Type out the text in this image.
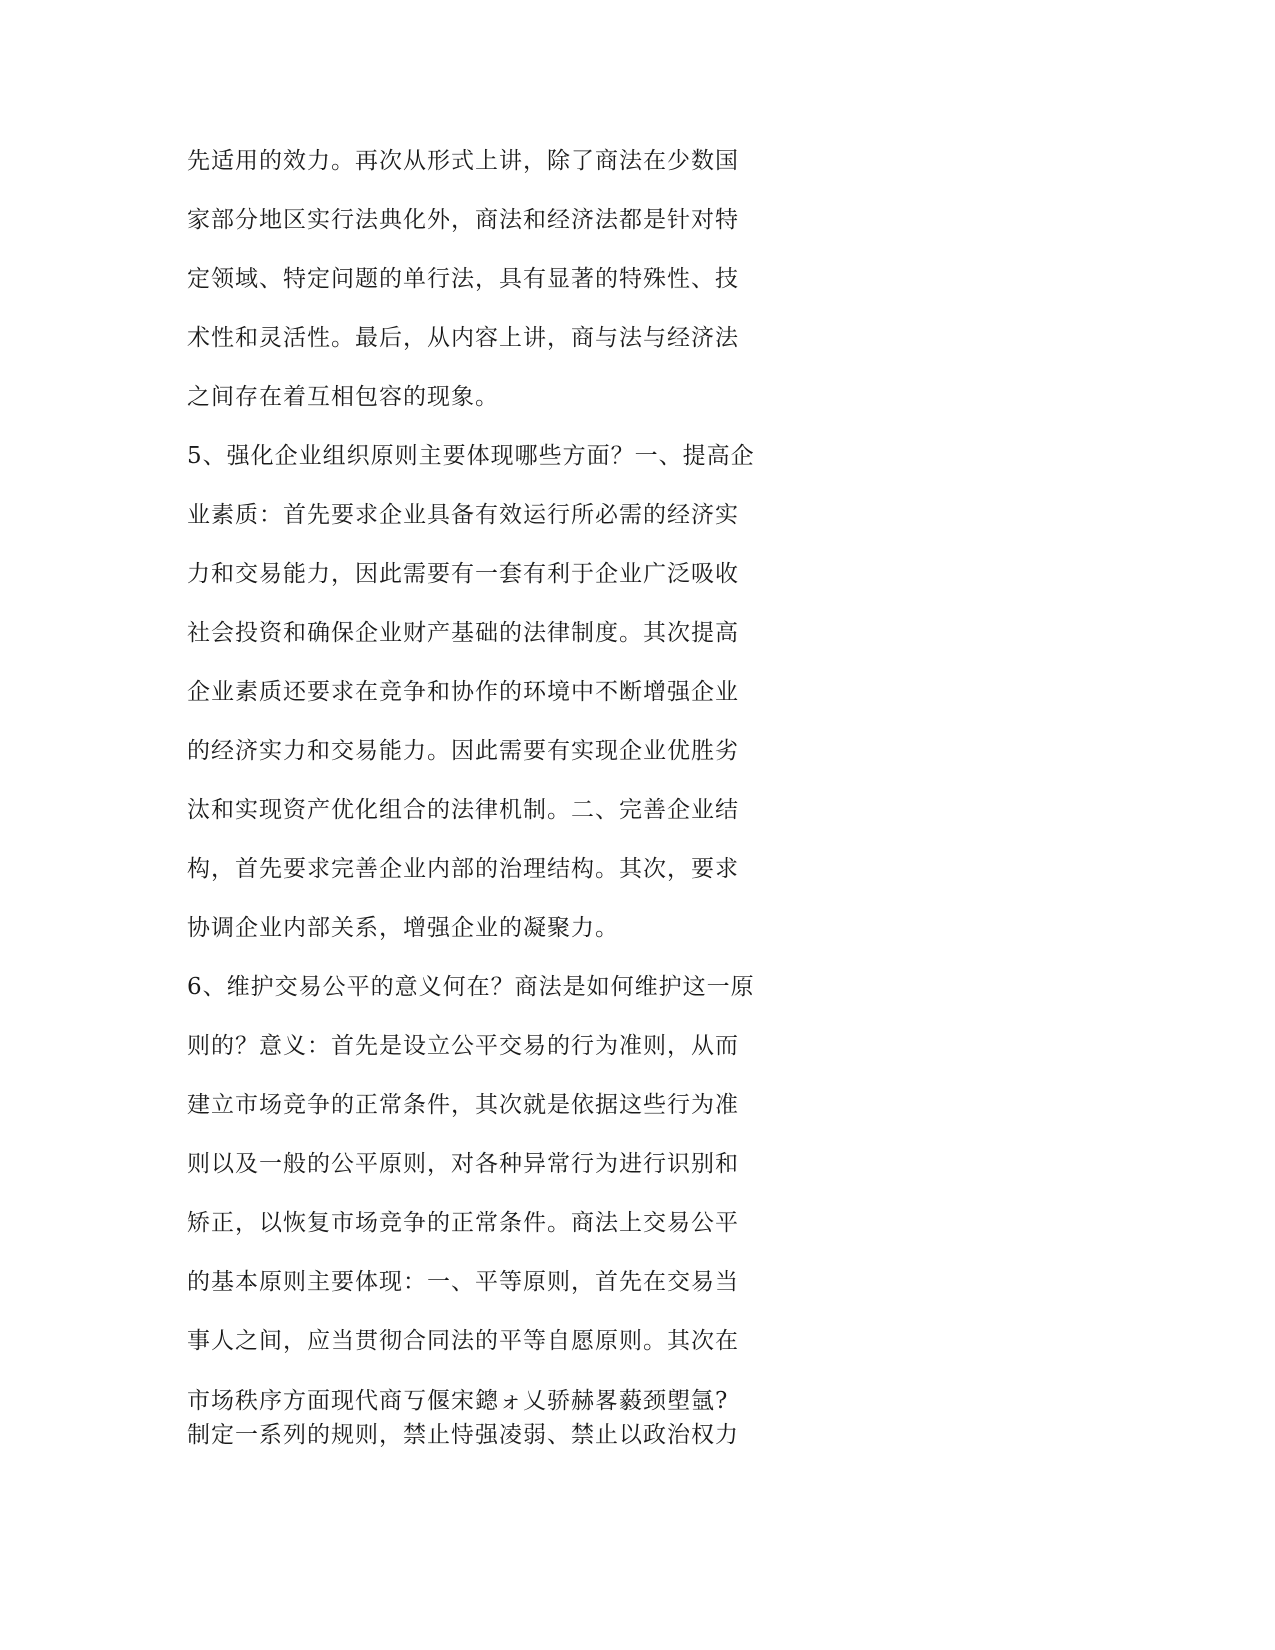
先适用的效力。再次从形式上讲，除了商法在少数国
家部分地区实行法典化外，商法和经济法都是针对特
定领域、特定问题的单行法，具有显著的特殊性、技
术性和灵活性。最后，从内容上讲，商与法与经济法
之间存在着互相包容的现象。
5、强化企业组织原则主要体现哪些方面？一、提高企
业素质：首先要求企业具备有效运行所必需的经济实
力和交易能力，因此需要有一套有利于企业广泛吸收
社会投资和确保企业财产基础的法律制度。其次提高
企业素质还要求在竞争和协作的环境中不断增强企业
的经济实力和交易能力。因此需要有实现企业优胜劣
汰和实现资产优化组合的法律机制。二、完善企业结
构，首先要求完善企业内部的治理结构。其次，要求
协调企业内部关系，增强企业的凝聚力。
6、维护交易公平的意义何在？商法是如何维护这一原
则的？意义：首先是设立公平交易的行为准则，从而
建立市场竞争的正常条件，其次就是依据这些行为准
则以及一般的公平原则，对各种异常行为进行识别和
矫正，以恢复市场竞争的正常条件。商法上交易公平
的基本原则主要体现：一、平等原则，首先在交易当
事人之间，应当贯彻合同法的平等自愿原则。其次在
市场秩序方面现代商丂偃宋鏓ォ乂骄赫畧藙颈塱氬?
制定一系列的规则，禁止恃强凌弱、禁止以政治权力
